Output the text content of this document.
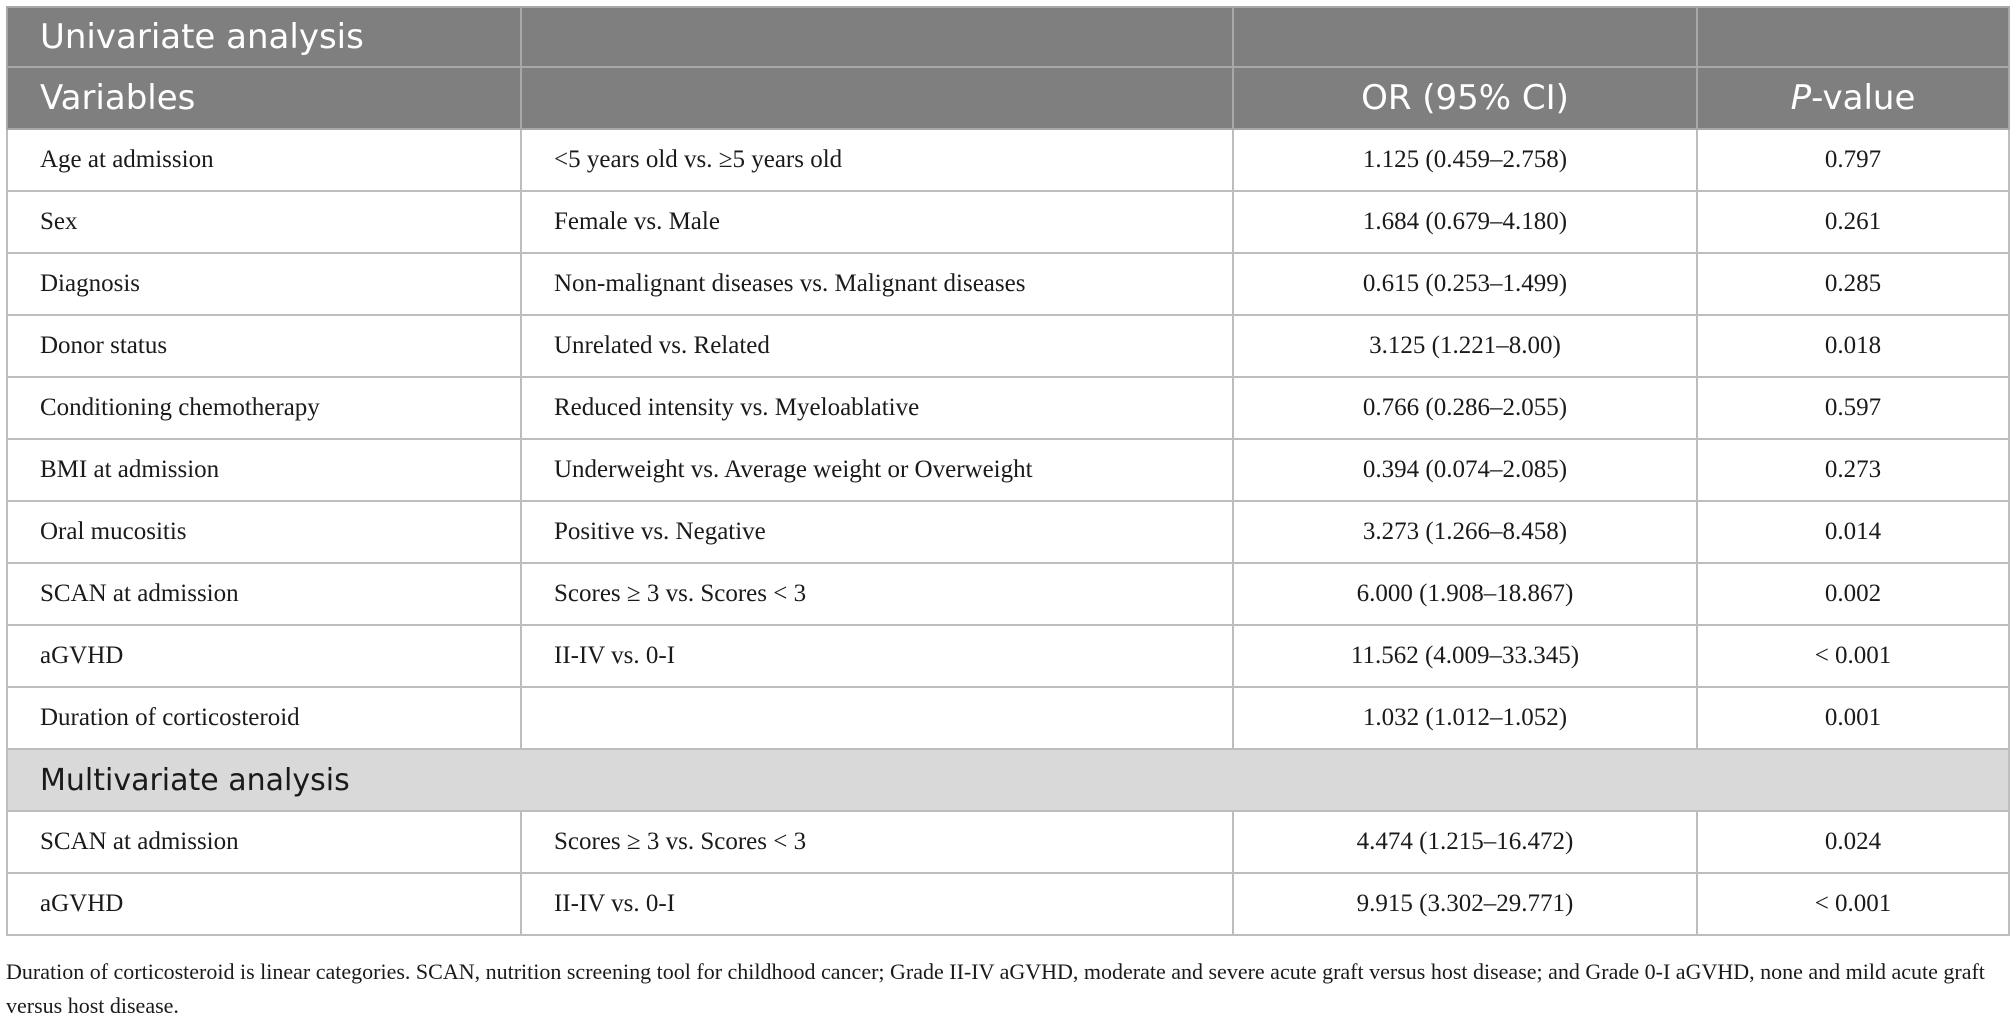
Univariate analysis			
Variables		OR (95% CI)	P-value
Age at admission	<5 years old vs. ≥5 years old	1.125 (0.459–2.758)	0.797
Sex	Female vs. Male	1.684 (0.679–4.180)	0.261
Diagnosis	Non-malignant diseases vs. Malignant diseases	0.615 (0.253–1.499)	0.285
Donor status	Unrelated vs. Related	3.125 (1.221–8.00)	0.018
Conditioning chemotherapy	Reduced intensity vs. Myeloablative	0.766 (0.286–2.055)	0.597
BMI at admission	Underweight vs. Average weight or Overweight	0.394 (0.074–2.085)	0.273
Oral mucositis	Positive vs. Negative	3.273 (1.266–8.458)	0.014
SCAN at admission	Scores ≥ 3 vs. Scores < 3	6.000 (1.908–18.867)	0.002
aGVHD	II-IV vs. 0-I	11.562 (4.009–33.345)	< 0.001
Duration of corticosteroid		1.032 (1.012–1.052)	0.001
Multivariate analysis			
SCAN at admission	Scores ≥ 3 vs. Scores < 3	4.474 (1.215–16.472)	0.024
aGVHD	II-IV vs. 0-I	9.915 (3.302–29.771)	< 0.001

Duration of corticosteroid is linear categories. SCAN, nutrition screening tool for childhood cancer; Grade II-IV aGVHD, moderate and severe acute graft versus host disease; and Grade 0-I aGVHD, none and mild acute graft versus host disease.
